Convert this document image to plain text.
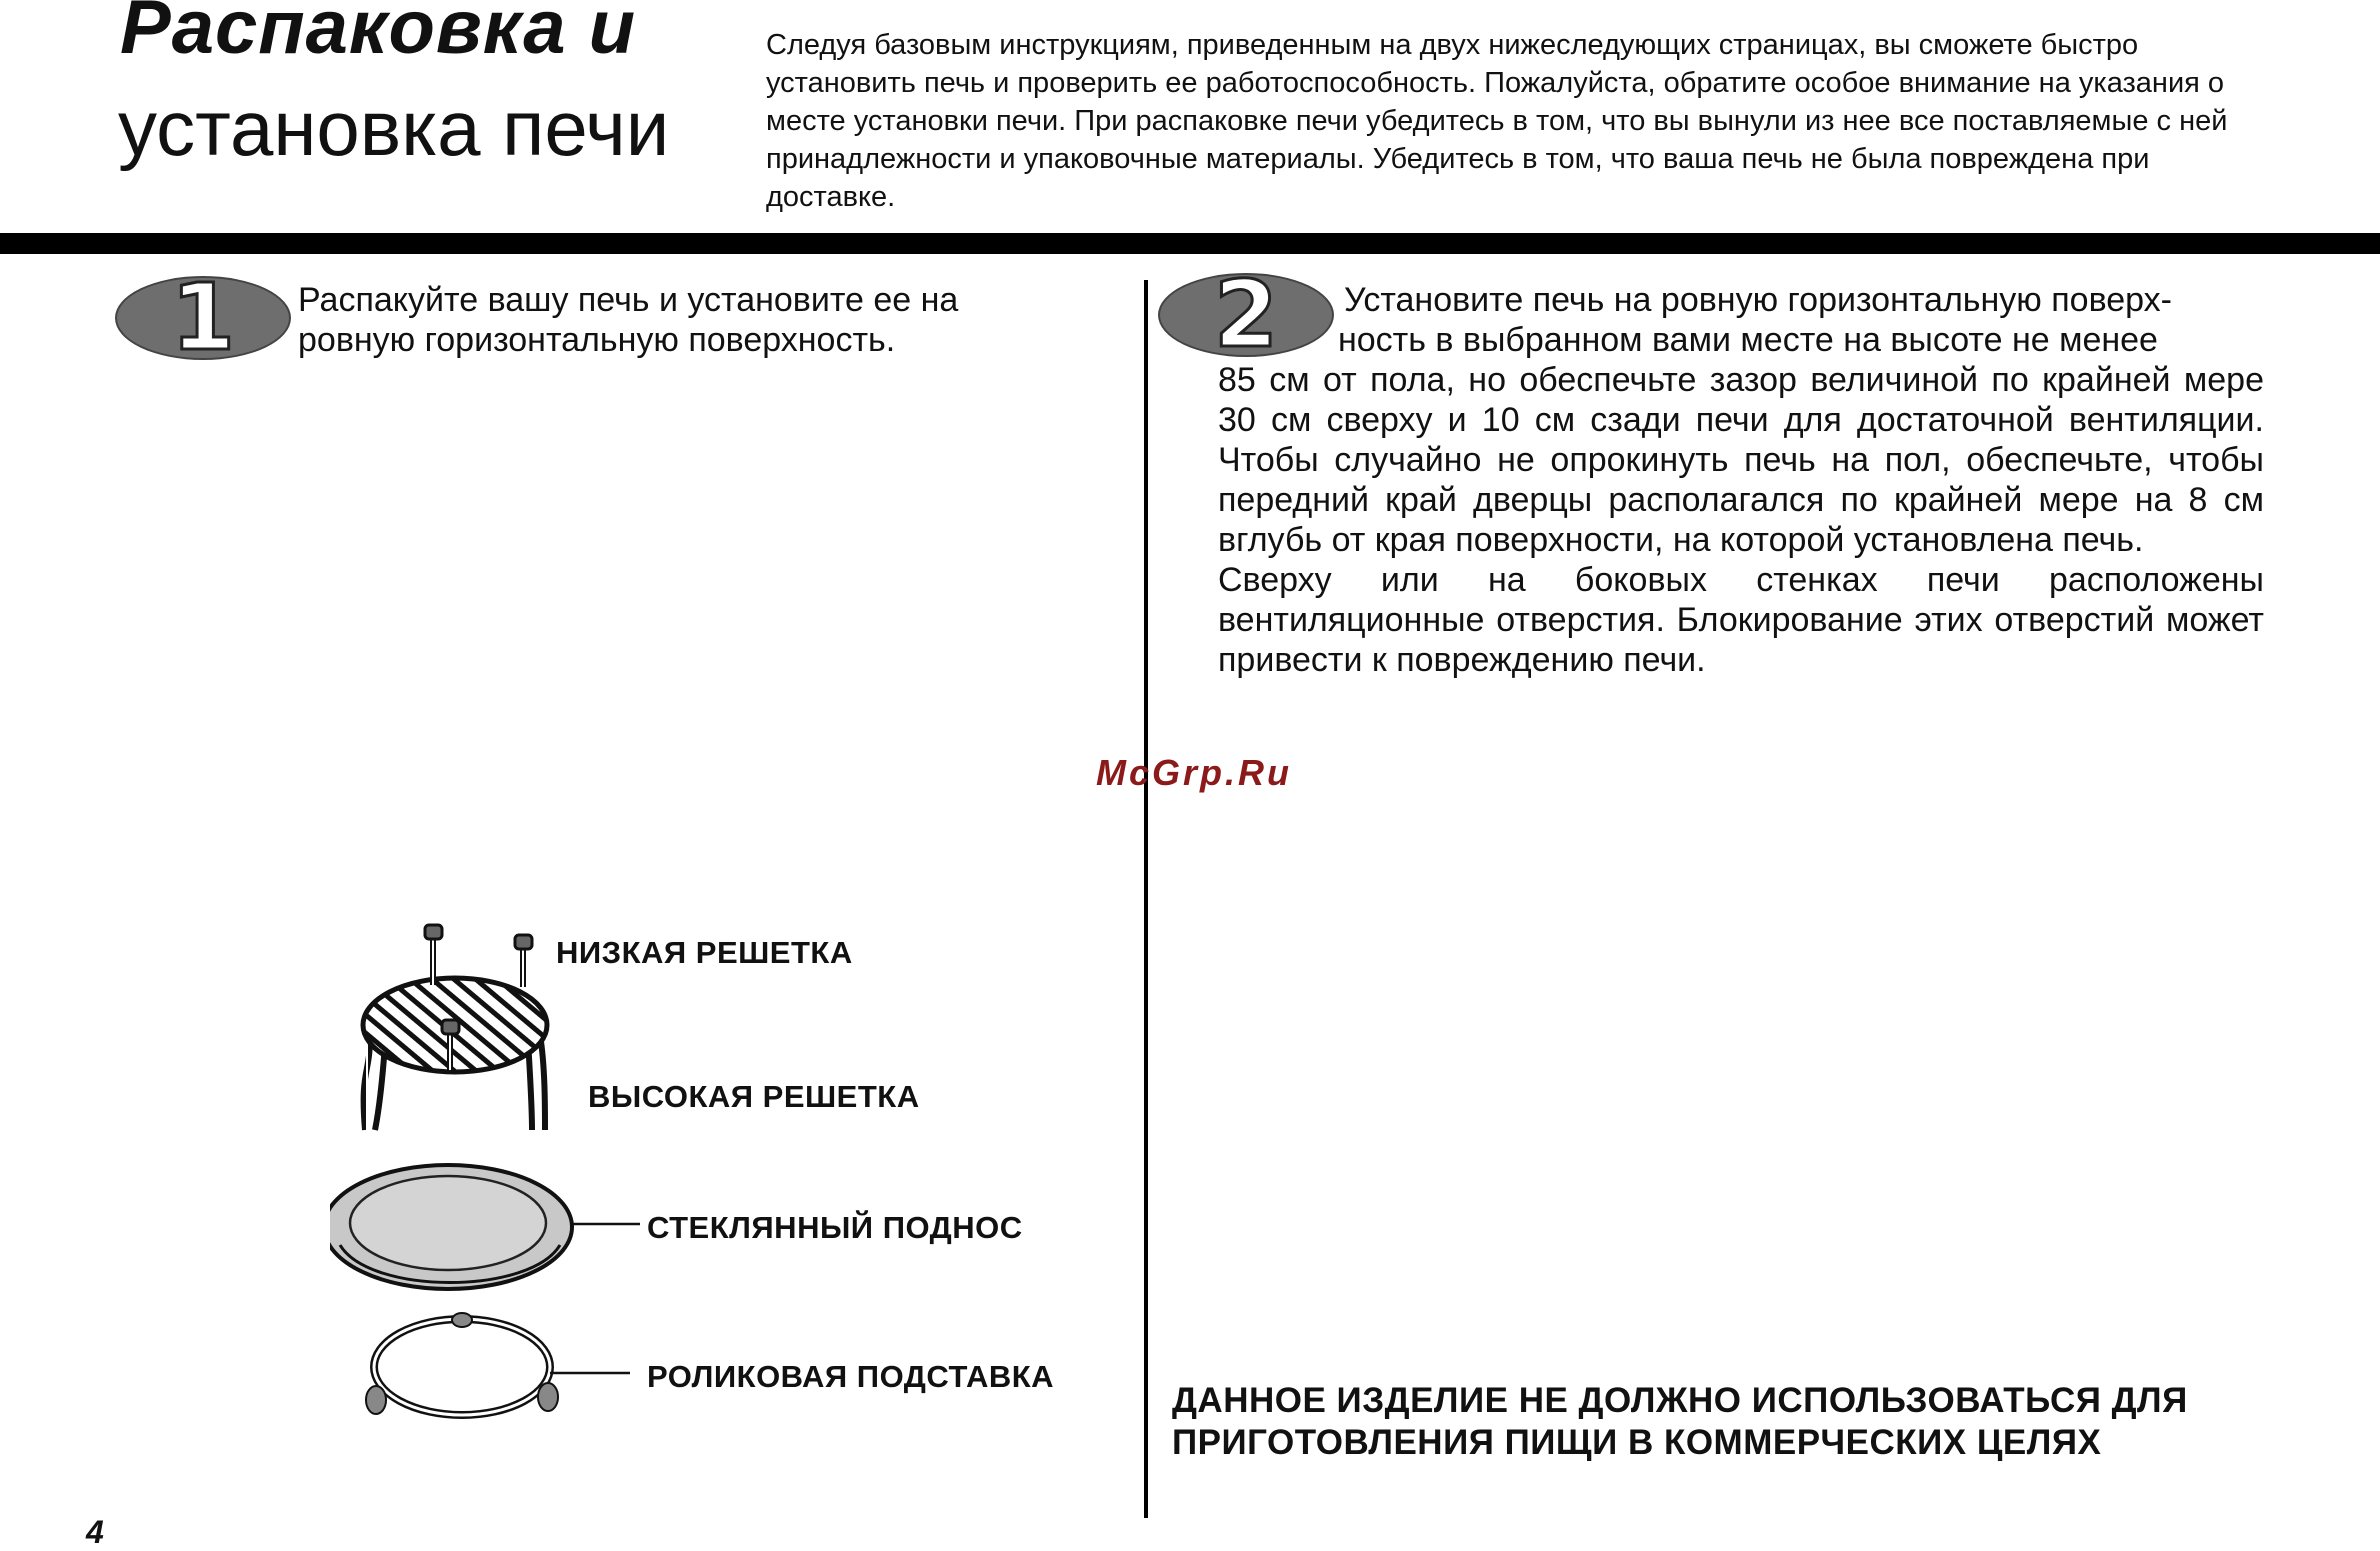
Распаковка и
установка печи
Следуя базовым инструкциям, приведенным на двух нижеследующих страницах, вы сможете быстро установить печь и проверить ее работоспособность. Пожалуйста, обратите особое внимание на указания о месте установки печи. При распаковке печи убедитесь в том, что вы вынули из нее все поставляемые с ней принадлежности и упаковочные материалы. Убедитесь в том, что ваша печь не была повреждена при доставке.
1	Распакуйте вашу печь и установите ее на ровную горизонтальную поверхность.	2	Установите печь на ровную горизонтальную поверх-

ность в выбранном вами месте на высоте не менее

85 см от пола, но обеспечьте зазор величиной по крайней мере 30 см сверху и 10 см сзади печи для достаточной вентиляции. Чтобы случайно не опрокинуть печь на пол, обеспечьте, чтобы передний край дверцы располагался по крайней мере на 8 см вглубь от края поверхности, на которой установлена печь.

Сверху или на боковых стенках печи расположены вентиляционные отверстия. Блокирование этих отверстий может привести к повреждению печи.

McGrp.Ru
НИЗКАЯ РЕШЕТКА
ВЫСОКАЯ РЕШЕТКА
СТЕКЛЯННЫЙ ПОДНОС
РОЛИКОВАЯ ПОДСТАВКА
ДАННОЕ ИЗДЕЛИЕ НЕ ДОЛЖНО ИСПОЛЬЗОВАТЬСЯ ДЛЯ ПРИГОТОВЛЕНИЯ ПИЩИ В КОММЕРЧЕСКИХ ЦЕЛЯХ
4
